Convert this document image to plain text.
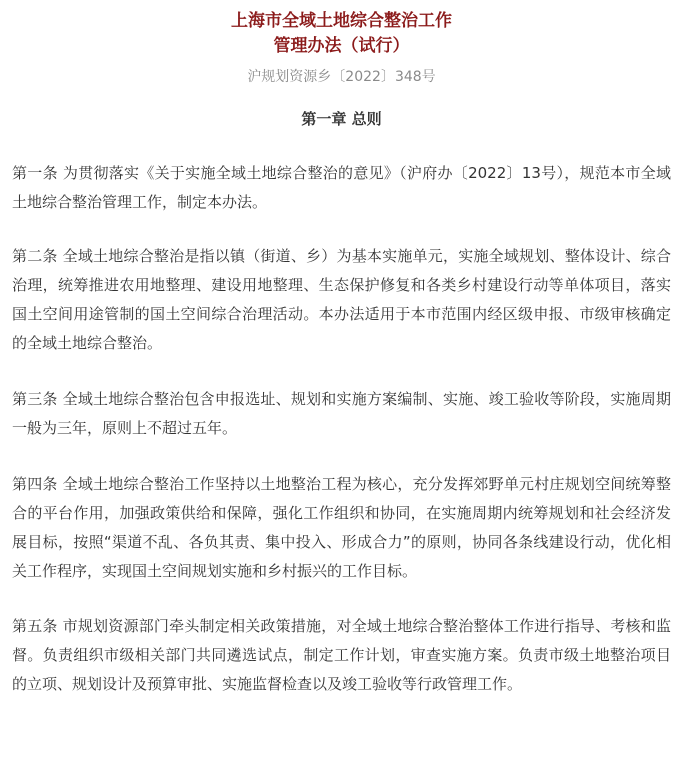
上海市全域土地综合整治工作
管理办法（试行）
沪规划资源乡〔2022〕348号
第一章 总则

第一条 为贯彻落实《关于实施全域土地综合整治的意见》（沪府办〔2022〕13号），规范本市全域土地综合整治管理工作，制定本办法。

第二条 全域土地综合整治是指以镇（街道、乡）为基本实施单元，实施全域规划、整体设计、综合治理，统筹推进农用地整理、建设用地整理、生态保护修复和各类乡村建设行动等单体项目，落实国土空间用途管制的国土空间综合治理活动。本办法适用于本市范围内经区级申报、市级审核确定的全域土地综合整治。

第三条 全域土地综合整治包含申报选址、规划和实施方案编制、实施、竣工验收等阶段，实施周期一般为三年，原则上不超过五年。

第四条 全域土地综合整治工作坚持以土地整治工程为核心，充分发挥郊野单元村庄规划空间统筹整合的平台作用，加强政策供给和保障，强化工作组织和协同，在实施周期内统筹规划和社会经济发展目标，按照“渠道不乱、各负其责、集中投入、形成合力”的原则，协同各条线建设行动，优化相关工作程序，实现国土空间规划实施和乡村振兴的工作目标。

第五条 市规划资源部门牵头制定相关政策措施，对全域土地综合整治整体工作进行指导、考核和监督。负责组织市级相关部门共同遴选试点，制定工作计划，审查实施方案。负责市级土地整治项目的立项、规划设计及预算审批、实施监督检查以及竣工验收等行政管理工作。
